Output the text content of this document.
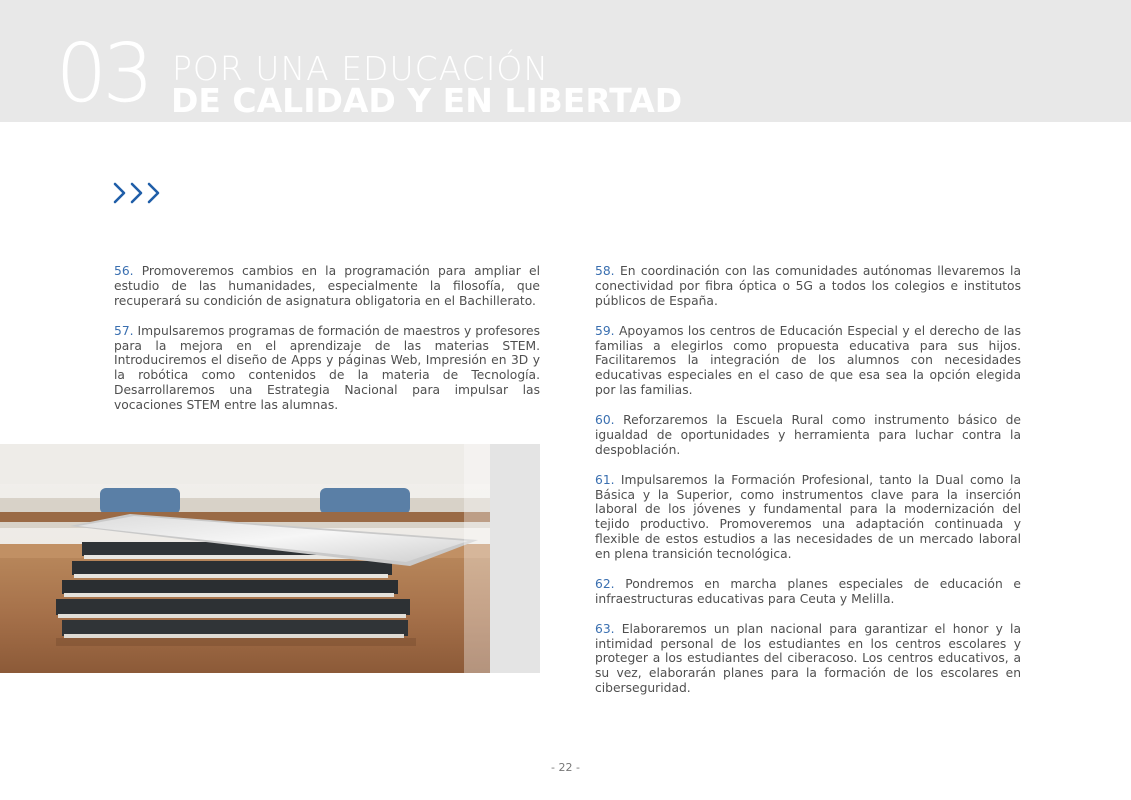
03 POR UNA EDUCACIÓN
DE CALIDAD Y EN LIBERTAD

56. Promoveremos cambios en la programación para ampliar el estudio de las humanidades, especialmente la filosofía, que recuperará su condición de asignatura obligatoria en el Bachillerato.

57. Impulsaremos programas de formación de maestros y profesores para la mejora en el aprendizaje de las materias STEM. Introduciremos el diseño de Apps y páginas Web, Impresión en 3D y la robótica como contenidos de la materia de Tecnología. Desarrollaremos una Estrategia Nacional para impulsar las vocaciones STEM entre las alumnas.

58. En coordinación con las comunidades autónomas llevaremos la conectividad por fibra óptica o 5G a todos los colegios e institutos públicos de España.

59. Apoyamos los centros de Educación Especial y el derecho de las familias a elegirlos como propuesta educativa para sus hijos. Facilitaremos la integración de los alumnos con necesidades educativas especiales en el caso de que esa sea la opción elegida por las familias.

60. Reforzaremos la Escuela Rural como instrumento básico de igualdad de oportunidades y herramienta para luchar contra la despoblación.

61. Impulsaremos la Formación Profesional, tanto la Dual como la Básica y la Superior, como instrumentos clave para la inserción laboral de los jóvenes y fundamental para la modernización del tejido productivo. Promoveremos una adaptación continuada y flexible de estos estudios a las necesidades de un mercado laboral en plena transición tecnológica.

62. Pondremos en marcha planes especiales de educación e infraestructuras educativas para Ceuta y Melilla.

63. Elaboraremos un plan nacional para garantizar el honor y la intimidad personal de los estudiantes en los centros escolares y proteger a los estudiantes del ciberacoso. Los centros educativos, a su vez, elaborarán planes para la formación de los escolares en ciberseguridad.

- 22 -
